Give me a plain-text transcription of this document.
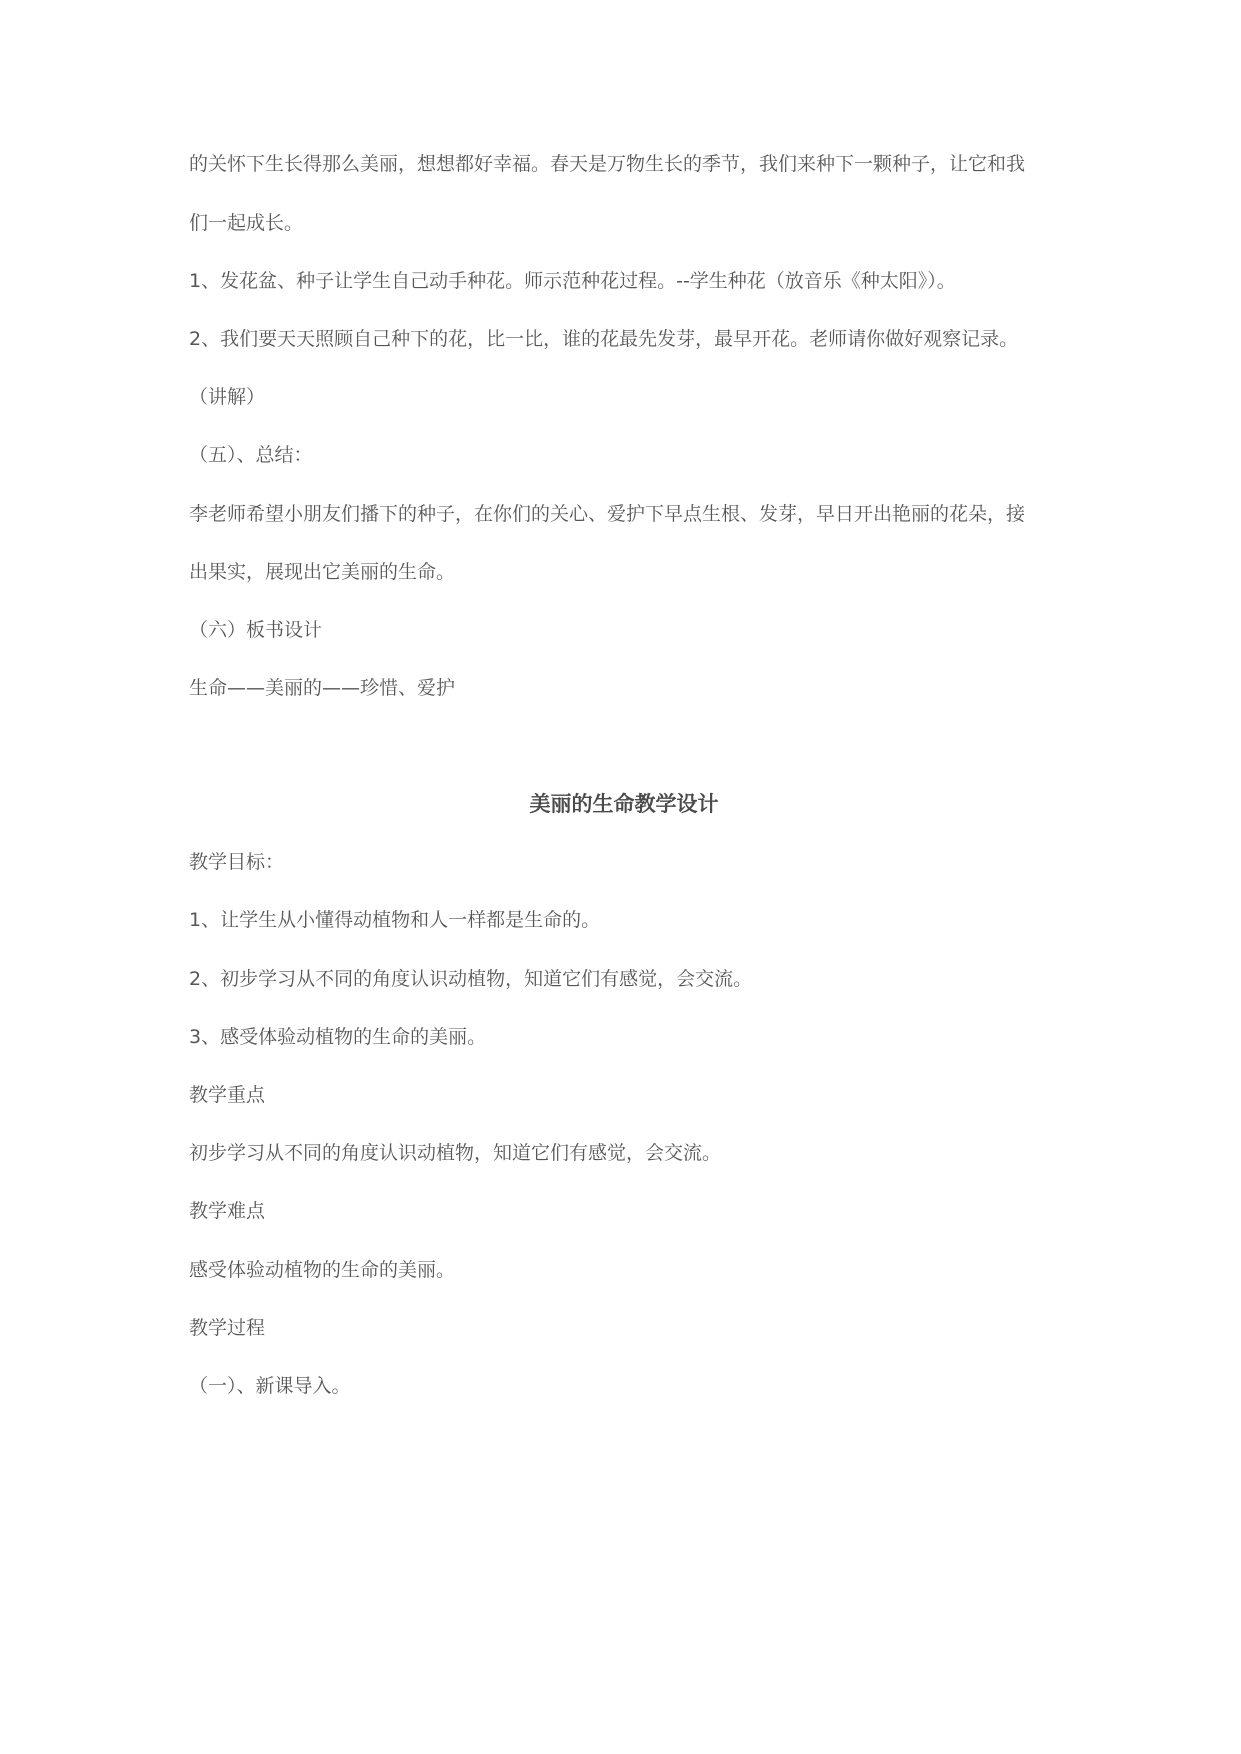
的关怀下生长得那么美丽，想想都好幸福。春天是万物生长的季节，我们来种下一颗种子，让它和我
们一起成长。
1、发花盆、种子让学生自己动手种花。师示范种花过程。--学生种花（放音乐《种太阳》）。
2、我们要天天照顾自己种下的花，比一比，谁的花最先发芽，最早开花。老师请你做好观察记录。
（讲解）
（五）、总结：
李老师希望小朋友们播下的种子，在你们的关心、爱护下早点生根、发芽，早日开出艳丽的花朵，接
出果实，展现出它美丽的生命。
（六）板书设计
生命——美丽的——珍惜、爱护
美丽的生命教学设计
教学目标：
1、让学生从小懂得动植物和人一样都是生命的。
2、初步学习从不同的角度认识动植物，知道它们有感觉，会交流。
3、感受体验动植物的生命的美丽。
教学重点
初步学习从不同的角度认识动植物，知道它们有感觉，会交流。
教学难点
感受体验动植物的生命的美丽。
教学过程
（一）、新课导入。
